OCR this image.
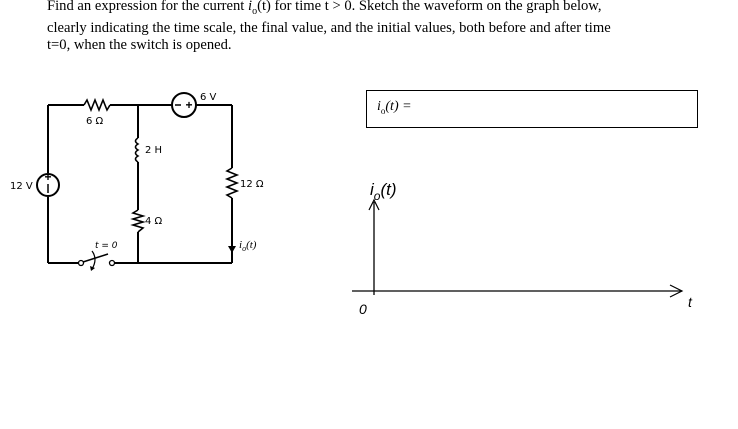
Find an expression for the current $i_o(t)$ for time t > 0. Sketch the waveform on the graph below,

clearly indicating the time scale, the final value, and the initial values, both before and after time

t=0, when the switch is opened.

+
12 V
6 Ω
+
6 V
2 H
4 Ω
12 Ω
$i_o(t)$
t = 0
$i_o(t)$ =
$i_o(t)$
0	t
